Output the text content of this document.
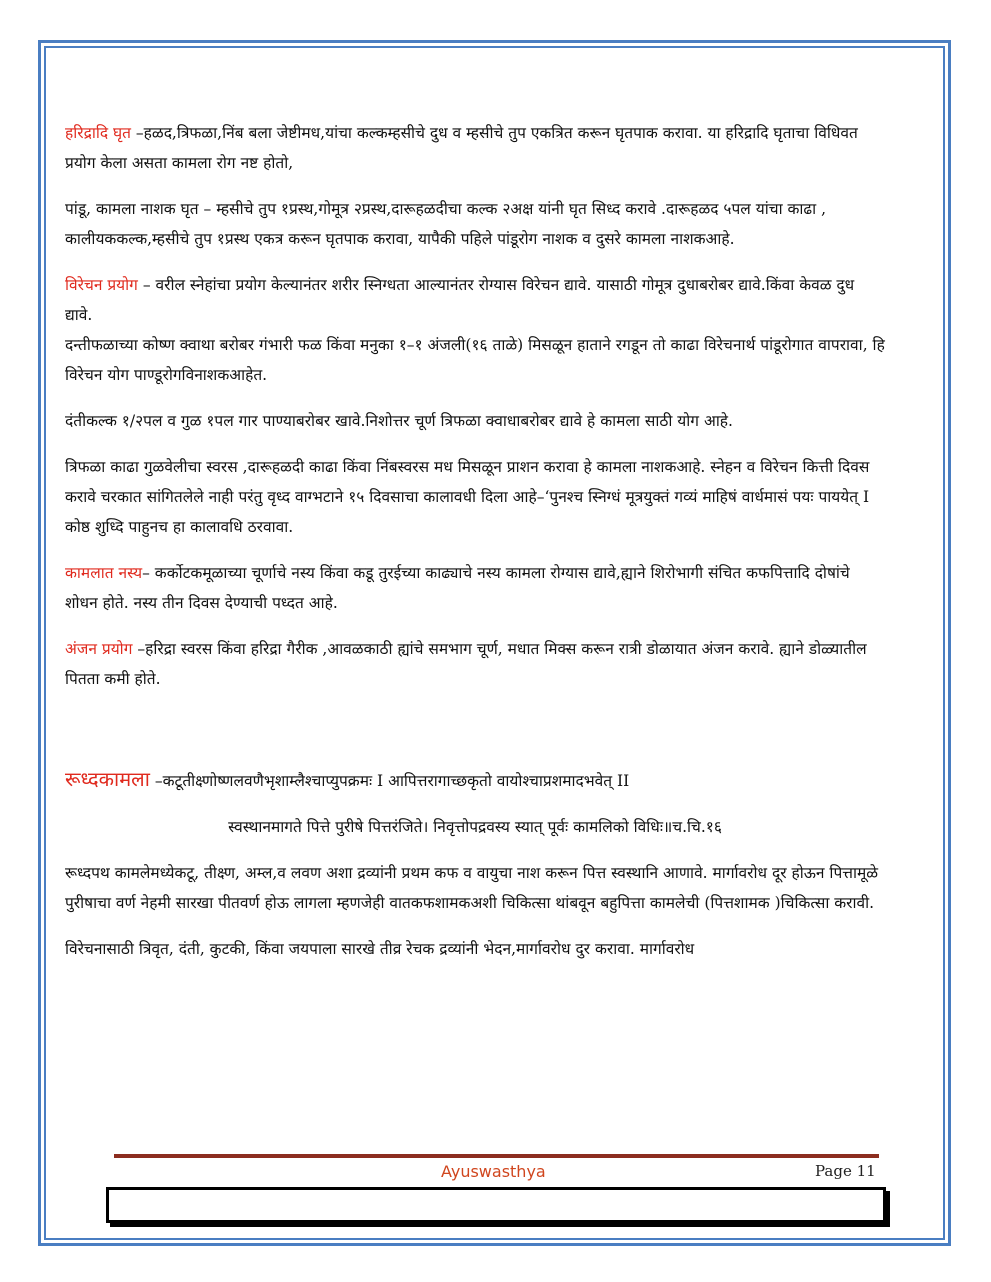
हरिद्रादि घृत –हळद,त्रिफळा,निंब बला जेष्टीमध,यांचा कल्कम्हसीचे दुध व म्हसीचे तुप एकत्रित करून घृतपाक करावा. या हरिद्रादि घृताचा विधिवत प्रयोग केला असता कामला रोग नष्ट होतो,

पांडू, कामला नाशक घृत – म्हसीचे तुप १प्रस्थ,गोमूत्र २प्रस्थ,दारूहळदीचा कल्क २अक्ष यांनी घृत सिध्द करावे .दारूहळद ५पल यांचा काढा , कालीयककल्क,म्हसीचे तुप १प्रस्थ एकत्र करून घृतपाक करावा, यापैकी पहिले पांडूरोग नाशक व दुसरे कामला नाशकआहे.

विरेचन प्रयोग – वरील स्नेहांचा प्रयोग केल्यानंतर शरीर स्निग्धता आल्यानंतर रोग्यास विरेचन द्यावे. यासाठी गोमूत्र दुधाबरोबर द्यावे.किंवा केवळ दुध द्यावे.

दन्तीफळाच्या कोष्ण क्वाथा बरोबर गंभारी फळ किंवा मनुका १–१ अंजली(१६ ताळे) मिसळून हाताने रगडून तो काढा विरेचनार्थ पांडूरोगात वापरावा, हि विरेचन योग पाण्डूरोगविनाशकआहेत.

दंतीकल्क १/२पल व गुळ १पल गार पाण्याबरोबर खावे.निशोत्तर चूर्ण त्रिफळा क्वाधाबरोबर द्यावे हे कामला साठी योग आहे.

त्रिफळा काढा गुळवेलीचा स्वरस ,दारूहळदी काढा किंवा निंबस्वरस मध मिसळून प्राशन करावा हे कामला नाशकआहे. स्नेहन व विरेचन कित्ती दिवस करावे चरकात सांगितलेले नाही परंतु वृध्द वाग्भटाने १५ दिवसाचा कालावधी दिला आहे–‘पुनश्च स्निग्धं मूत्रयुक्तं गव्यं माहिषं वार्धमासं पयः पाययेत् I कोष्ठ शुध्दि पाहुनच हा कालावधि ठरवावा.

कामलात नस्य– कर्कोटकमूळाच्या चूर्णाचे नस्य किंवा कडू तुरईच्या काढ्याचे नस्य कामला रोग्यास द्यावे,ह्याने शिरोभागी संचित कफपित्तादि दोषांचे शोधन होते. नस्य तीन दिवस देण्याची पध्दत आहे.

अंजन प्रयोग –हरिद्रा स्वरस किंवा हरिद्रा गैरीक ,आवळकाठी ह्यांचे समभाग चूर्ण, मधात मिक्स करून रात्री डोळायात अंजन करावे. ह्याने डोळ्यातील पितता कमी होते.

रूध्दकामला –कटूतीक्ष्णोष्णलवणैभृशाम्लैश्चाप्युपक्रमः I आपित्तरागाच्छकृतो वायोश्चाप्रशमादभवेत् II

स्वस्थानमागते पित्ते पुरीषे पित्तरंजिते। निवृत्तोपद्रवस्य स्यात् पूर्वः कामलिको विधिः॥च.चि.१६

रूध्दपथ कामलेमध्येकटू, तीक्ष्ण, अम्ल,व लवण अशा द्रव्यांनी प्रथम कफ व वायुचा नाश करून पित्त स्वस्थानि आणावे. मार्गावरोध दूर होऊन पित्तामूळे पुरीषाचा वर्ण नेहमी सारखा पीतवर्ण होऊ लागला म्हणजेही वातकफशामकअशी चिकित्सा थांबवून बहुपित्ता कामलेची (पित्तशामक )चिकित्सा करावी.

विरेचनासाठी त्रिवृत, दंती, कुटकी, किंवा जयपाला सारखे तीव्र रेचक द्रव्यांनी भेदन,मार्गावरोध दुर करावा. मार्गावरोध

Ayuswasthya	Page 11
